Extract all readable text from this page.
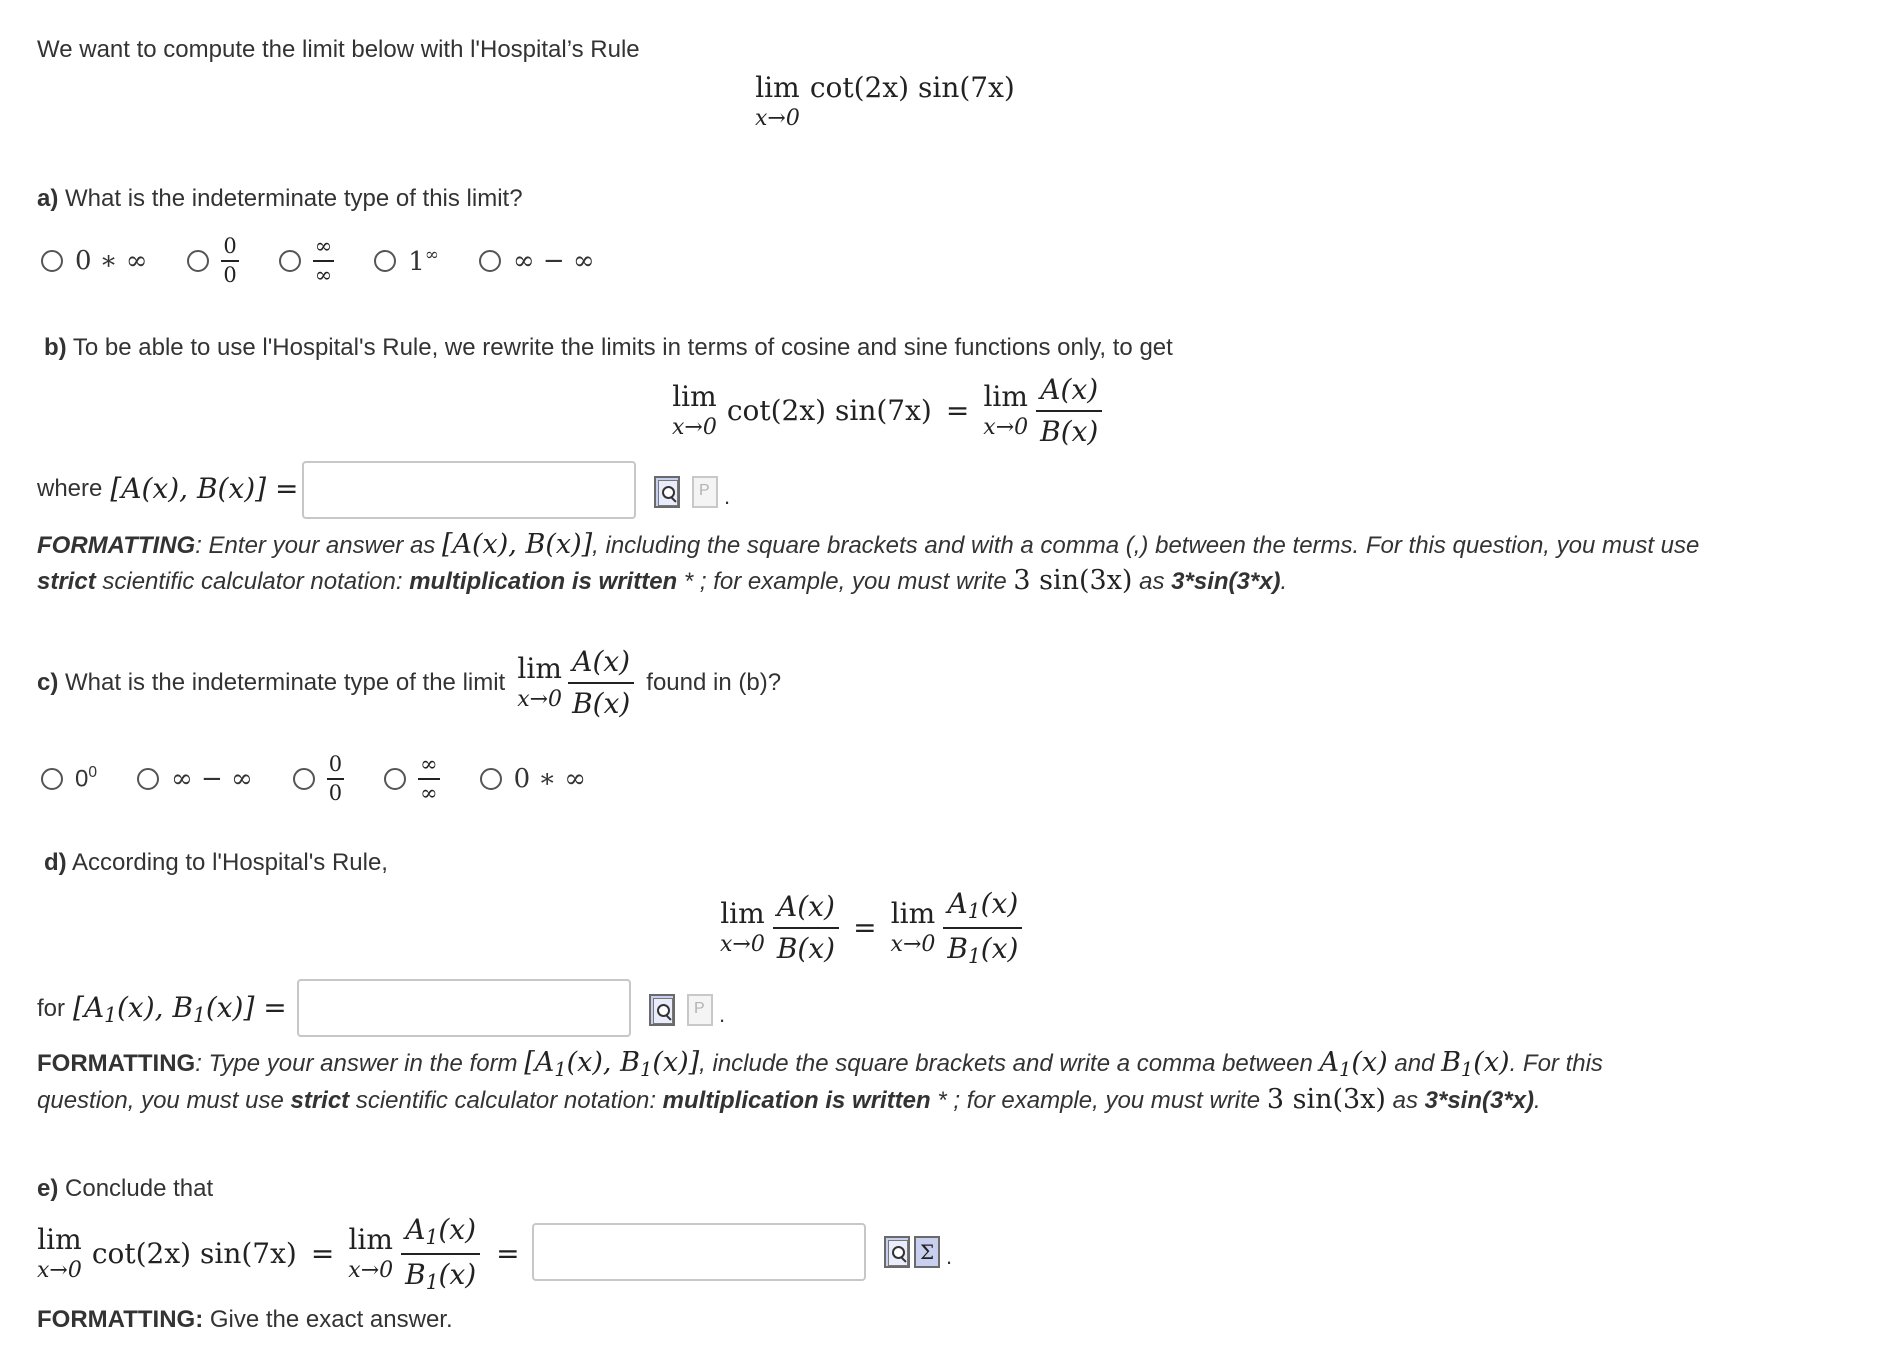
We want to compute the limit below with l'Hospital’s Rule
lim
x→0
cot(2x) sin(7x)
a) What is the indeterminate type of this limit?
0 ∗ ∞	$\frac{0}{0}$	$\frac{\infty}{\infty}$	1∞	∞ − ∞
b) To be able to use l'Hospital's Rule, we rewrite the limits in terms of cosine and sine functions only, to get
lim
x→0 cot(2x) sin(7x) = lim
$x\to 0 \frac{A(x)}{B(x)}$
where [A(x), B(x)] =	P .
FORMATTING: Enter your answer as [A(x), B(x)], including the square brackets and with a comma (,) between the terms. For this question, you must use
strict scientific calculator notation: multiplication is written * ; for example, you must write 3 sin(3x) as 3*sin(3*x).
c)
What is the indeterminate type of the limit lim
$x\to 0 \frac{A(x)}{B(x)}$ found in (b)?
$0^0$	∞ − ∞	$\frac{0}{0}$	$\frac{\infty}{\infty}$	0 ∗ ∞
d) According to l'Hospital's Rule,
lim
$x\to 0 \frac{A(x)}{B(x)} = \lim$
$x\to 0 \frac{A1(x)}{B1(x)}$
for [A1(x), B1(x)] =	P .
FORMATTING: Type your answer in the form [A1(x), B1(x)], include the square brackets and write a comma between A1(x) and B1(x). For this
question, you must use strict scientific calculator notation: multiplication is written * ; for example, you must write 3 sin(3x) as 3*sin(3*x).
e) Conclude that
lim
x→0 cot(2x) sin(7x) = lim
$x\to 0 \frac{A1(x)}{B1(x)}$ =	Σ .
FORMATTING: Give the exact answer.
